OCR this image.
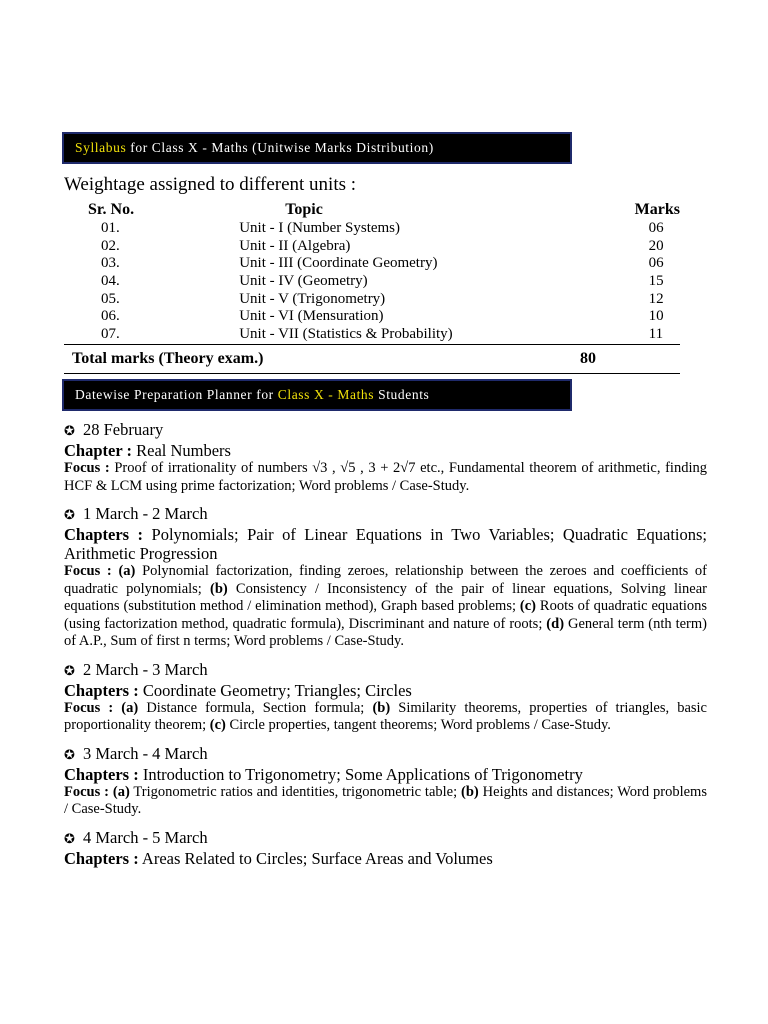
Syllabus for Class X - Maths (Unitwise Marks Distribution)
Weightage assigned to different units :
Sr. No.	Topic	Marks
01.	Unit - I (Number Systems)	06
02.	Unit - II (Algebra)	20
03.	Unit - III (Coordinate Geometry)	06
04.	Unit - IV (Geometry)	15
05.	Unit - V (Trigonometry)	12
06.	Unit - VI (Mensuration)	10
07.	Unit - VII (Statistics & Probability)	11
Total marks (Theory exam.)	80
Datewise Preparation Planner for Class X - Maths Students
✪ 28 February
Chapter : Real Numbers
Focus : Proof of irrationality of numbers √3 , √5 , 3 + 2√7 etc., Fundamental theorem of arithmetic, finding HCF & LCM using prime factorization; Word problems / Case-Study.
✪ 1 March - 2 March
Chapters : Polynomials; Pair of Linear Equations in Two Variables; Quadratic Equations; Arithmetic Progression
Focus : (a) Polynomial factorization, finding zeroes, relationship between the zeroes and coefficients of quadratic polynomials; (b) Consistency / Inconsistency of the pair of linear equations, Solving linear equations (substitution method / elimination method), Graph based problems; (c) Roots of quadratic equations (using factorization method, quadratic formula), Discriminant and nature of roots; (d) General term (nth term) of A.P., Sum of first n terms; Word problems / Case-Study.
✪ 2 March - 3 March
Chapters : Coordinate Geometry; Triangles; Circles
Focus : (a) Distance formula, Section formula; (b) Similarity theorems, properties of triangles, basic proportionality theorem; (c) Circle properties, tangent theorems; Word problems / Case-Study.
✪ 3 March - 4 March
Chapters : Introduction to Trigonometry; Some Applications of Trigonometry
Focus : (a) Trigonometric ratios and identities, trigonometric table; (b) Heights and distances; Word problems / Case-Study.
✪ 4 March - 5 March
Chapters : Areas Related to Circles; Surface Areas and Volumes
